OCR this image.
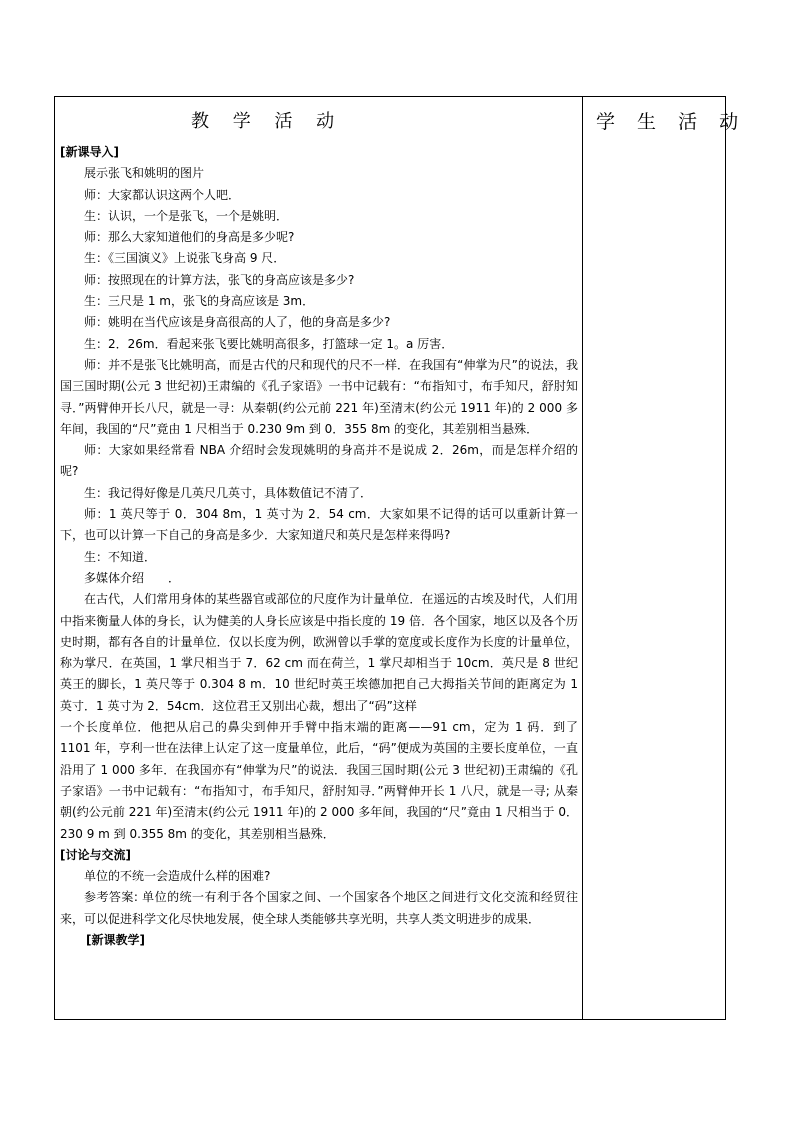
教 学 活 动	学 生 活 动

[新课导入]

展示张飞和姚明的图片

师：大家都认识这两个人吧．

生：认识，一个是张飞，一个是姚明．

师：那么大家知道他们的身高是多少呢?

生：《三国演义》上说张飞身高 9 尺．

师：按照现在的计算方法，张飞的身高应该是多少?

生：三尺是 1 m，张飞的身高应该是 3m．

师：姚明在当代应该是身高很高的人了，他的身高是多少?

生：2．26m．看起来张飞要比姚明高很多，打篮球一定 1。a 厉害．

师：并不是张飞比姚明高，而是古代的尺和现代的尺不一样．在我国有“伸掌为尺”的说法，我国三国时期(公元 3 世纪初)王肃编的《孔子家语》一书中记载有：“布指知寸，布手知尺，舒肘知寻．”两臂伸开长八尺，就是一寻：从秦朝(约公元前 221 年)至清末(约公元 1911 年)的 2 000 多年间，我国的“尺”竟由 1 尺相当于 0.230 9m 到 0．355 8m 的变化，其差别相当悬殊．

师：大家如果经常看 NBA 介绍时会发现姚明的身高并不是说成 2．26m，而是怎样介绍的呢?

生：我记得好像是几英尺几英寸，具体数值记不清了．

师：1 英尺等于 0．304 8m，1 英寸为 2．54 cm．大家如果不记得的话可以重新计算一下，也可以计算一下自己的身高是多少．大家知道尺和英尺是怎样来得吗?

生：不知道．

多媒体介绍　　．

在古代，人们常用身体的某些器官或部位的尺度作为计量单位．在遥远的古埃及时代，人们用中指来衡量人体的身长，认为健美的人身长应该是中指长度的 19 倍．各个国家，地区以及各个历史时期，都有各自的计量单位．仅以长度为例，欧洲曾以手掌的宽度或长度作为长度的计量单位，称为掌尺．在英国，1 掌尺相当于 7．62 cm 而在荷兰，1 掌尺却相当于 10cm．英尺是 8 世纪英王的脚长，1 英尺等于 0.304 8 m．10 世纪时英王埃德加把自己大拇指关节间的距离定为 1 英寸．1 英寸为 2．54cm．这位君王又别出心裁，想出了“码”这样

一个长度单位．他把从启己的鼻尖到伸开手臂中指末端的距离——91 cm，定为 1 码．到了 1101 年，亨利一世在法律上认定了这一度量单位，此后，“码”便成为英国的主要长度单位，一直沿用了 1 000 多年．在我国亦有“伸掌为尺”的说法．我国三国时期(公元 3 世纪初)王肃编的《孔子家语》一书中记载有：“布指知寸，布手知尺，舒肘知寻．”两臂伸开长 1 八尺，就是一寻; 从秦朝(约公元前 221 年)至清末(约公元 1911 年)的 2 000 多年间，我国的“尺”竟由 1 尺相当于 0．230 9 m 到 0.355 8m 的变化，其差别相当悬殊．

[讨论与交流]

单位的不统一会造成什么样的困难?

参考答案: 单位的统一有利于各个国家之间、一个国家各个地区之间进行文化交流和经贸往来，可以促进科学文化尽快地发展，使全球人类能够共享光明，共享人类文明进步的成果．

[新课教学]
